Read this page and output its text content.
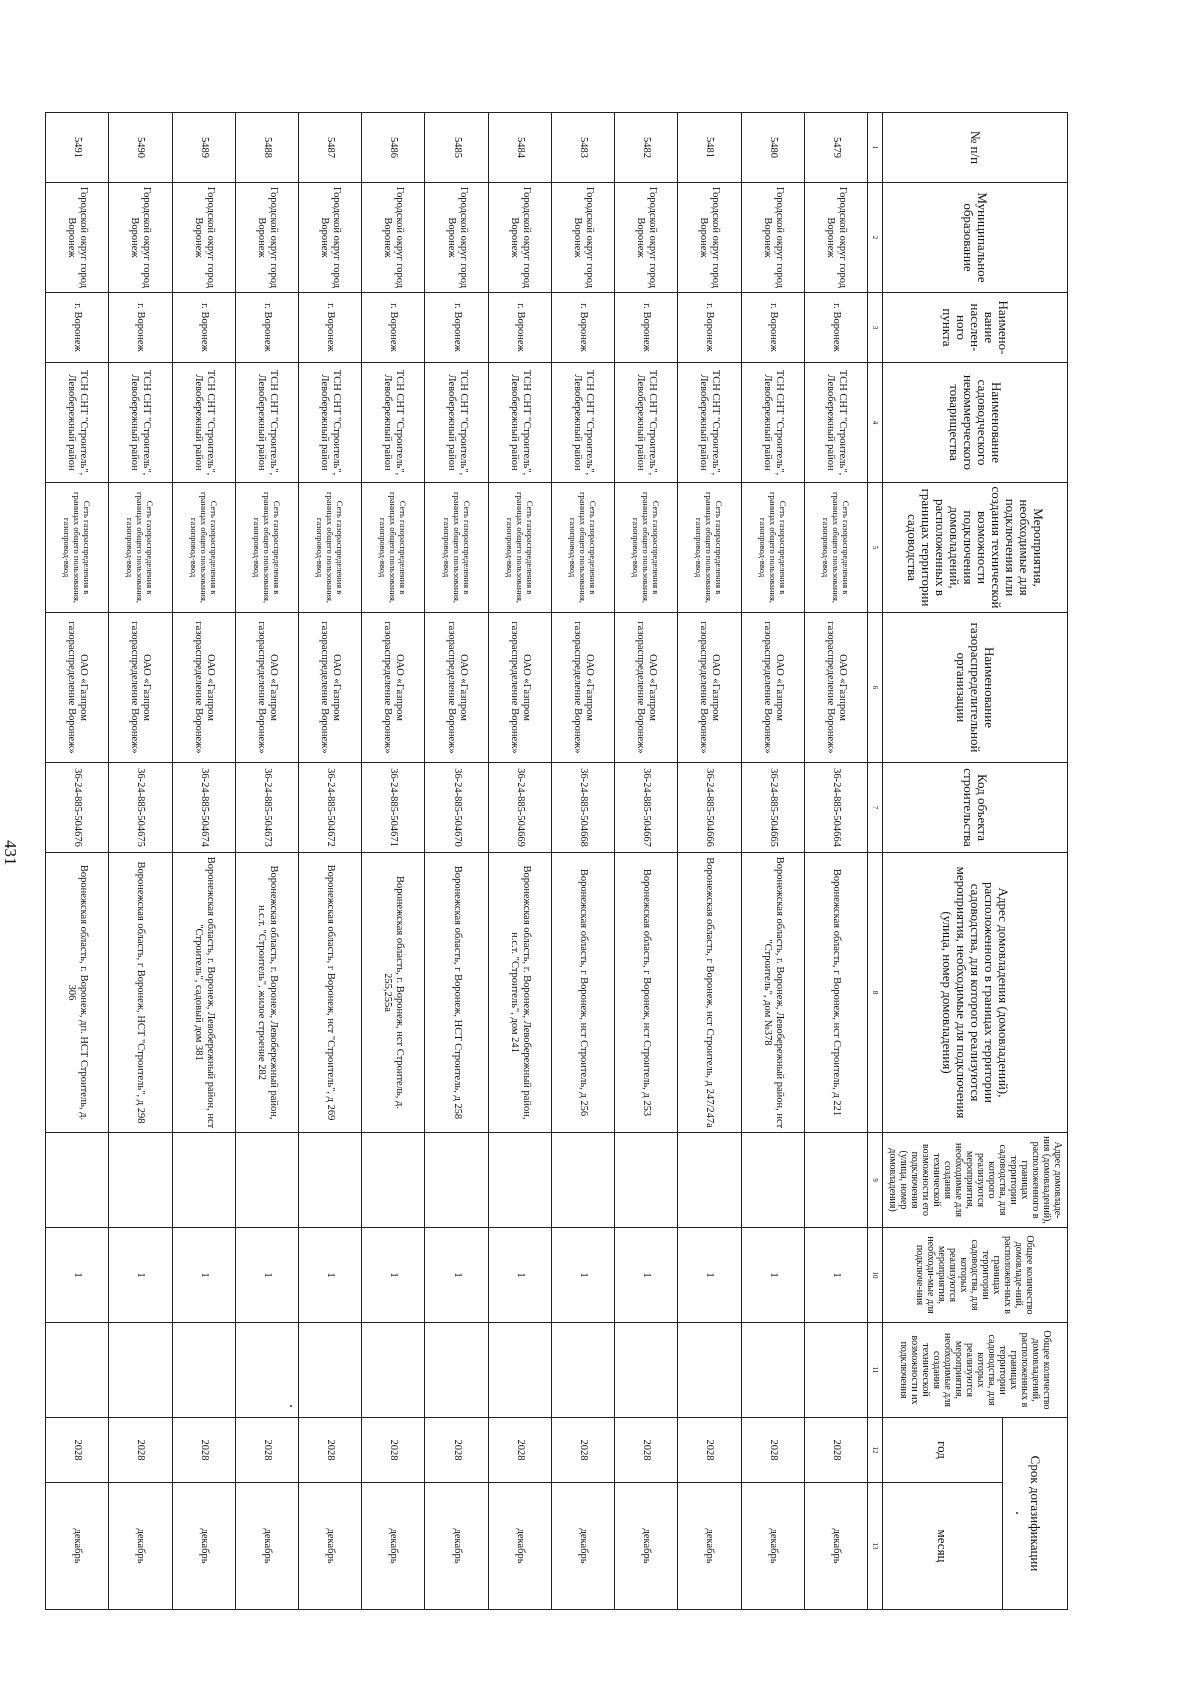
431
№ п/п	Муниципальное образование	Наимено-вание населен-ного пункта	Наименование садоводческого некоммерческого товарищества	Мероприятия, необходимые для подключения или создания технической возможности подключения домовладений, расположенных в границах территории садоводства	Наименование газораспределительной организации	Код объекта строительства	Адрес домовладения (домовладений), расположенного в границах территории садоводства, для которого реализуются мероприятия, необходимые для подключения (улица, номер домовладения)	Адрес домовладе-ния (домовладений), расположенного в границах территории садоводства, для которого реализуются мероприятия, необходимые для создания технической возможности его подключения (улица, номер домовладения)	Общее количество домовладе-ний, расположен-ных в границах территории садоводства, для которых реализуются мероприятия, необходи-мые для подключе-ния	Общее количество домовладений, расположенных в границах территории садоводства, для которых реализуются мероприятия, необходимые для создания технической возможности их подключения	Срок догазификации	
											год	месяц
1	2	3	4	5	6	7	8	9	10	11	12	13
5479	Городской округ город Воронеж	г. Воронеж	ТСН СНТ "Строитель", Левобережный район	Сеть газораспределения в границах общего пользования, газопровод-ввод	ОАО «Газпром газораспределение Воронеж»	36-24-885-504664	Воронежская область, г Воронеж, нст Строитель, д 221		1		2028	декабрь
5480	Городской округ город Воронеж	г. Воронеж	ТСН СНТ "Строитель", Левобережный район	Сеть газораспределения в границах общего пользования, газопровод-ввод	ОАО «Газпром газораспределение Воронеж»	36-24-885-504665	Воронежская область, г. Воронеж, Левобережный район, нст "Строитель", дом №378		1		2028	декабрь
5481	Городской округ город Воронеж	г. Воронеж	ТСН СНТ "Строитель", Левобережный район	Сеть газораспределения в границах общего пользования, газопровод-ввод	ОАО «Газпром газораспределение Воронеж»	36-24-885-504666	Воронежская область, г Воронеж, нст Строитель, д 247/247а		1		2028	декабрь
5482	Городской округ город Воронеж	г. Воронеж	ТСН СНТ "Строитель", Левобережный район	Сеть газораспределения в границах общего пользования, газопровод-ввод	ОАО «Газпром газораспределение Воронеж»	36-24-885-504667	Воронежская область, г Воронеж, нст Строитель, д 253		1		2028	декабрь
5483	Городской округ город Воронеж	г. Воронеж	ТСН СНТ "Строитель", Левобережный район	Сеть газораспределения в границах общего пользования, газопровод-ввод	ОАО «Газпром газораспределение Воронеж»	36-24-885-504668	Воронежская область, г Воронеж, нст Строитель, д 256		1		2028	декабрь
5484	Городской округ город Воронеж	г. Воронеж	ТСН СНТ "Строитель", Левобережный район	Сеть газораспределения в границах общего пользования, газопровод-ввод	ОАО «Газпром газораспределение Воронеж»	36-24-885-504669	Воронежская область, г. Воронеж, Левобережный район, н.с.т. "Строитель", дом 241		1		2028	декабрь
5485	Городской округ город Воронеж	г. Воронеж	ТСН СНТ "Строитель", Левобережный район	Сеть газораспределения в границах общего пользования, газопровод-ввод	ОАО «Газпром газораспределение Воронеж»	36-24-885-504670	Воронежская область, г Воронеж, НСТ Строитель, д 258		1		2028	декабрь
5486	Городской округ город Воронеж	г. Воронеж	ТСН СНТ "Строитель", Левобережный район	Сеть газораспределения в границах общего пользования, газопровод-ввод	ОАО «Газпром газораспределение Воронеж»	36-24-885-504671	Воронежская область, г. Воронеж, нст Строитель, д. 255,255а		1		2028	декабрь
5487	Городской округ город Воронеж	г. Воронеж	ТСН СНТ "Строитель", Левобережный район	Сеть газораспределения в границах общего пользования, газопровод-ввод	ОАО «Газпром газораспределение Воронеж»	36-24-885-504672	Воронежская область, г Воронеж, нст "Строитель", д 269		1		2028	декабрь
5488	Городской округ город Воронеж	г. Воронеж	ТСН СНТ "Строитель", Левобережный район	Сеть газораспределения в границах общего пользования, газопровод-ввод	ОАО «Газпром газораспределение Воронеж»	36-24-885-504673	Воронежская область, г. Воронеж, Левобережный район, н.с.т. "Строитель", жилое строение 282		1		2028	декабрь
5489	Городской округ город Воронеж	г. Воронеж	ТСН СНТ "Строитель", Левобережный район	Сеть газораспределения в границах общего пользования, газопровод-ввод	ОАО «Газпром газораспределение Воронеж»	36-24-885-504674	Воронежская область, г. Воронеж, Левобережный район, нст "Строитель", садовый дом 381		1		2028	декабрь
5490	Городской округ город Воронеж	г. Воронеж	ТСН СНТ "Строитель", Левобережный район	Сеть газораспределения в границах общего пользования, газопровод-ввод	ОАО «Газпром газораспределение Воронеж»	36-24-885-504675	Воронежская область, г Воронеж, НСТ "Строитель", д 298		1		2028	декабрь
5491	Городской округ город Воронеж	г. Воронеж	ТСН СНТ "Строитель", Левобережный район	Сеть газораспределения в границах общего пользования, газопровод-ввод	ОАО «Газпром газораспределение Воронеж»	36-24-885-504676	Воронежская область, г. Воронеж, дп. НСТ Строитель, д. 306		1		2028	декабрь
